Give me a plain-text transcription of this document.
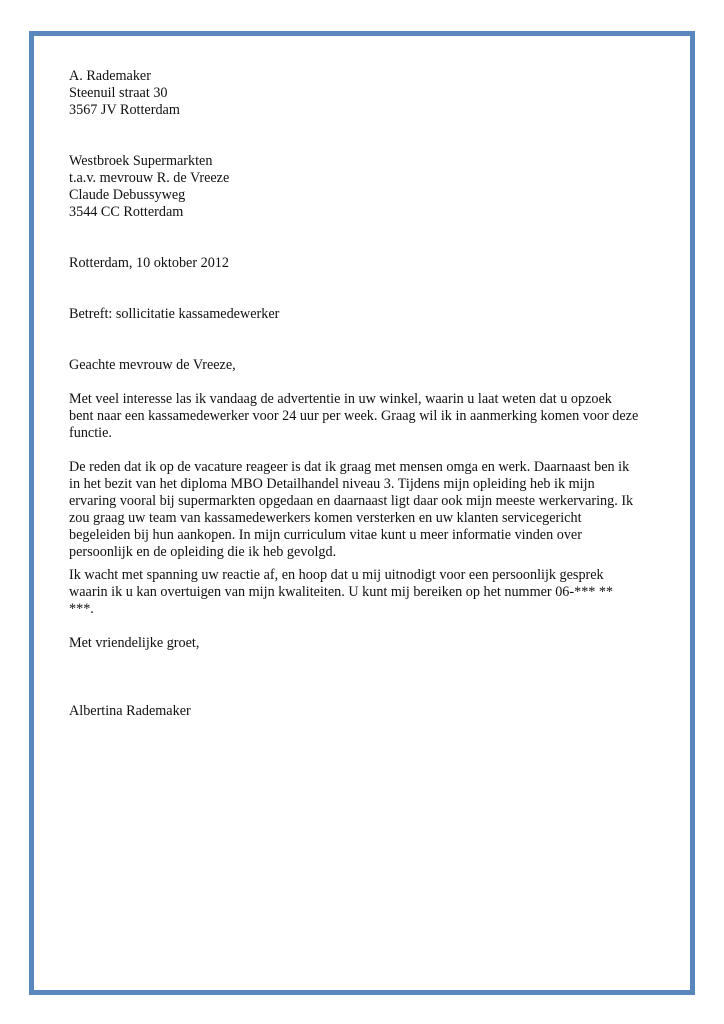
A. Rademaker
Steenuil straat 30
3567 JV Rotterdam
Westbroek Supermarkten
t.a.v. mevrouw R. de Vreeze
Claude Debussyweg
3544 CC Rotterdam
Rotterdam, 10 oktober 2012
Betreft: sollicitatie kassamedewerker
Geachte mevrouw de Vreeze,
Met veel interesse las ik vandaag de advertentie in uw winkel, waarin u laat weten dat u opzoek
bent naar een kassamedewerker voor 24 uur per week. Graag wil ik in aanmerking komen voor deze
functie.
De reden dat ik op de vacature reageer is dat ik graag met mensen omga en werk. Daarnaast ben ik
in het bezit van het diploma MBO Detailhandel niveau 3. Tijdens mijn opleiding heb ik mijn
ervaring vooral bij supermarkten opgedaan en daarnaast ligt daar ook mijn meeste werkervaring. Ik
zou graag uw team van kassamedewerkers komen versterken en uw klanten servicegericht
begeleiden bij hun aankopen. In mijn curriculum vitae kunt u meer informatie vinden over
persoonlijk en de opleiding die ik heb gevolgd.
Ik wacht met spanning uw reactie af, en hoop dat u mij uitnodigt voor een persoonlijk gesprek
waarin ik u kan overtuigen van mijn kwaliteiten. U kunt mij bereiken op het nummer 06-*** **
***.
Met vriendelijke groet,
Albertina Rademaker
